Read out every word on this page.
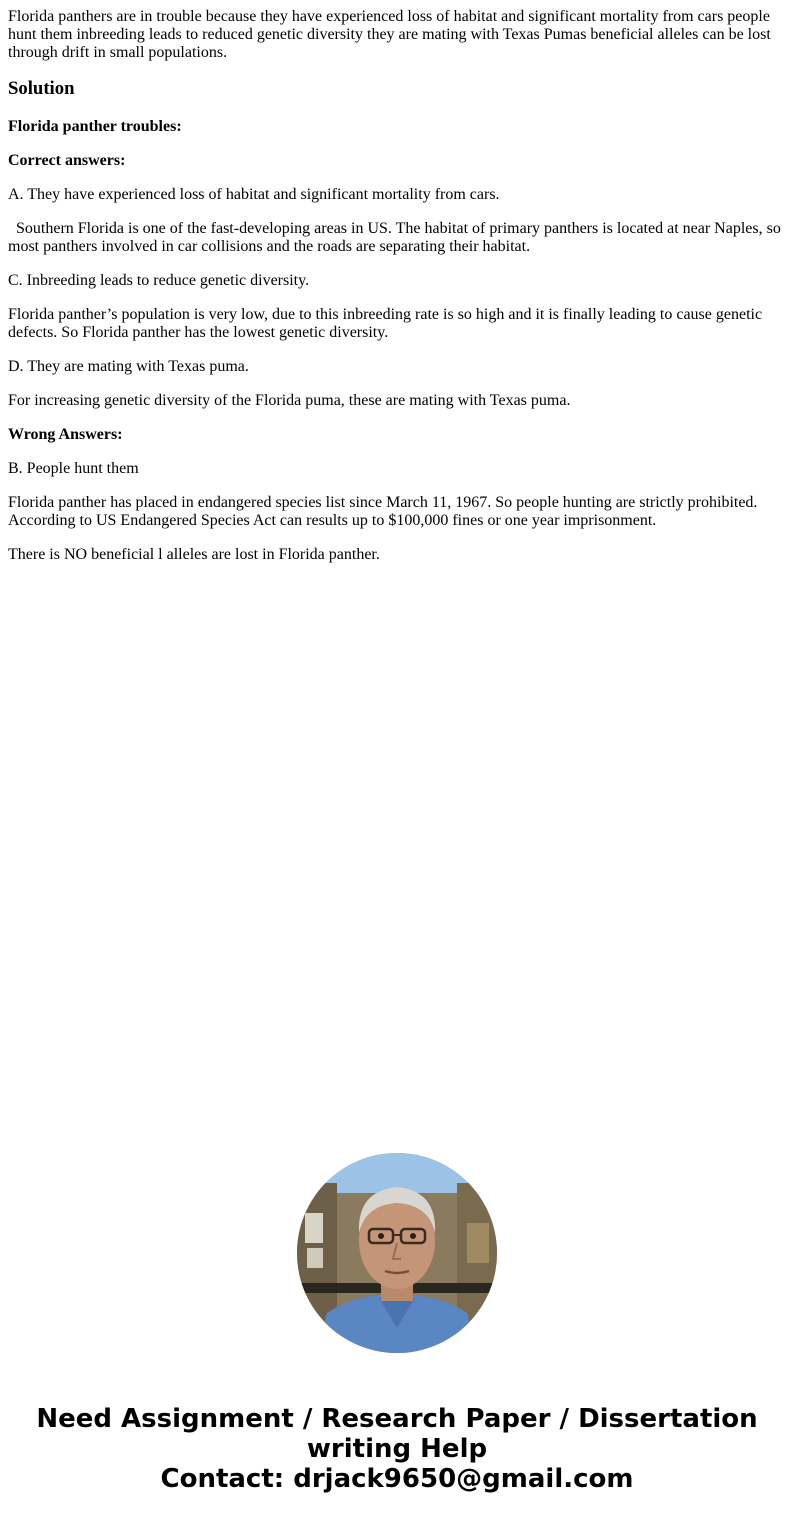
Florida panthers are in trouble because they have experienced loss of habitat and significant mortality from cars people hunt them inbreeding leads to reduced genetic diversity they are mating with Texas Pumas beneficial alleles can be lost through drift in small populations.

Solution

Florida panther troubles:

Correct answers:

A. They have experienced loss of habitat and significant mortality from cars.

Southern Florida is one of the fast-developing areas in US. The habitat of primary panthers is located at near Naples, so most panthers involved in car collisions and the roads are separating their habitat.

C. Inbreeding leads to reduce genetic diversity.

Florida panther’s population is very low, due to this inbreeding rate is so high and it is finally leading to cause genetic defects. So Florida panther has the lowest genetic diversity.

D. They are mating with Texas puma.

For increasing genetic diversity of the Florida puma, these are mating with Texas puma.

Wrong Answers:

B. People hunt them

Florida panther has placed in endangered species list since March 11, 1967. So people hunting are strictly prohibited. According to US Endangered Species Act can results up to $100,000 fines or one year imprisonment.

There is NO beneficial l alleles are lost in Florida panther.

Need Assignment / Research Paper / Dissertation
writing Help
Contact: drjack9650@gmail.com
